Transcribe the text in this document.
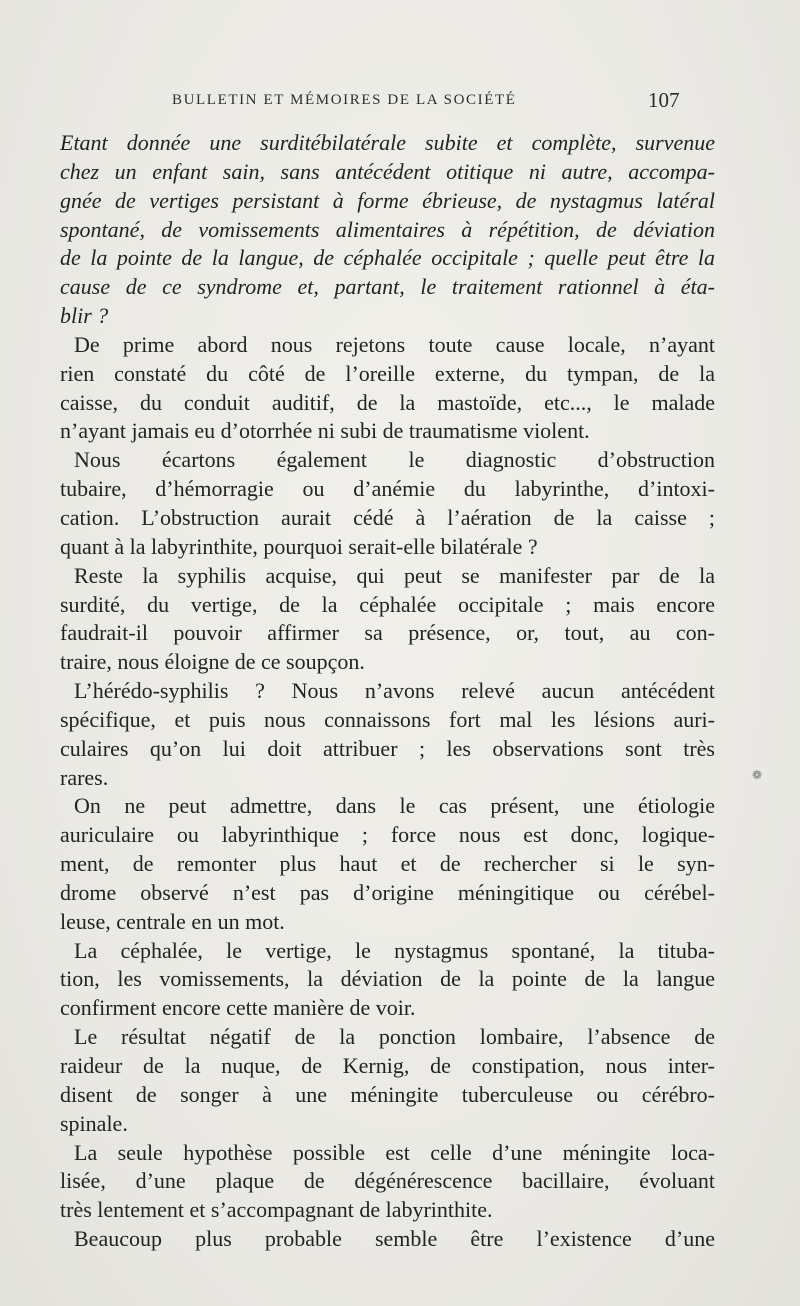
BULLETIN ET MÉMOIRES DE LA SOCIÉTÉ	107
Etant donnée une surditébilatérale subite et complète, survenue
chez un enfant sain, sans antécédent otitique ni autre, accompa-
gnée de vertiges persistant à forme ébrieuse, de nystagmus latéral
spontané, de vomissements alimentaires à répétition, de déviation
de la pointe de la langue, de céphalée occipitale ; quelle peut être la
cause de ce syndrome et, partant, le traitement rationnel à éta-
blir ?
De prime abord nous rejetons toute cause locale, n’ayant
rien constaté du côté de l’oreille externe, du tympan, de la
caisse, du conduit auditif, de la mastoïde, etc..., le malade
n’ayant jamais eu d’otorrhée ni subi de traumatisme violent.
Nous écartons également le diagnostic d’obstruction
tubaire, d’hémorragie ou d’anémie du labyrinthe, d’intoxi-
cation. L’obstruction aurait cédé à l’aération de la caisse ;
quant à la labyrinthite, pourquoi serait-elle bilatérale ?
Reste la syphilis acquise, qui peut se manifester par de la
surdité, du vertige, de la céphalée occipitale ; mais encore
faudrait-il pouvoir affirmer sa présence, or, tout, au con-
traire, nous éloigne de ce soupçon.
L’hérédo-syphilis ? Nous n’avons relevé aucun antécédent
spécifique, et puis nous connaissons fort mal les lésions auri-
culaires qu’on lui doit attribuer ; les observations sont très
rares.
On ne peut admettre, dans le cas présent, une étiologie
auriculaire ou labyrinthique ; force nous est donc, logique-
ment, de remonter plus haut et de rechercher si le syn-
drome observé n’est pas d’origine méningitique ou cérébel-
leuse, centrale en un mot.
La céphalée, le vertige, le nystagmus spontané, la tituba-
tion, les vomissements, la déviation de la pointe de la langue
confirment encore cette manière de voir.
Le résultat négatif de la ponction lombaire, l’absence de
raideur de la nuque, de Kernig, de constipation, nous inter-
disent de songer à une méningite tuberculeuse ou cérébro-
spinale.
La seule hypothèse possible est celle d’une méningite loca-
lisée, d’une plaque de dégénérescence bacillaire, évoluant
très lentement et s’accompagnant de labyrinthite.
Beaucoup plus probable semble être l’existence d’une
❁
